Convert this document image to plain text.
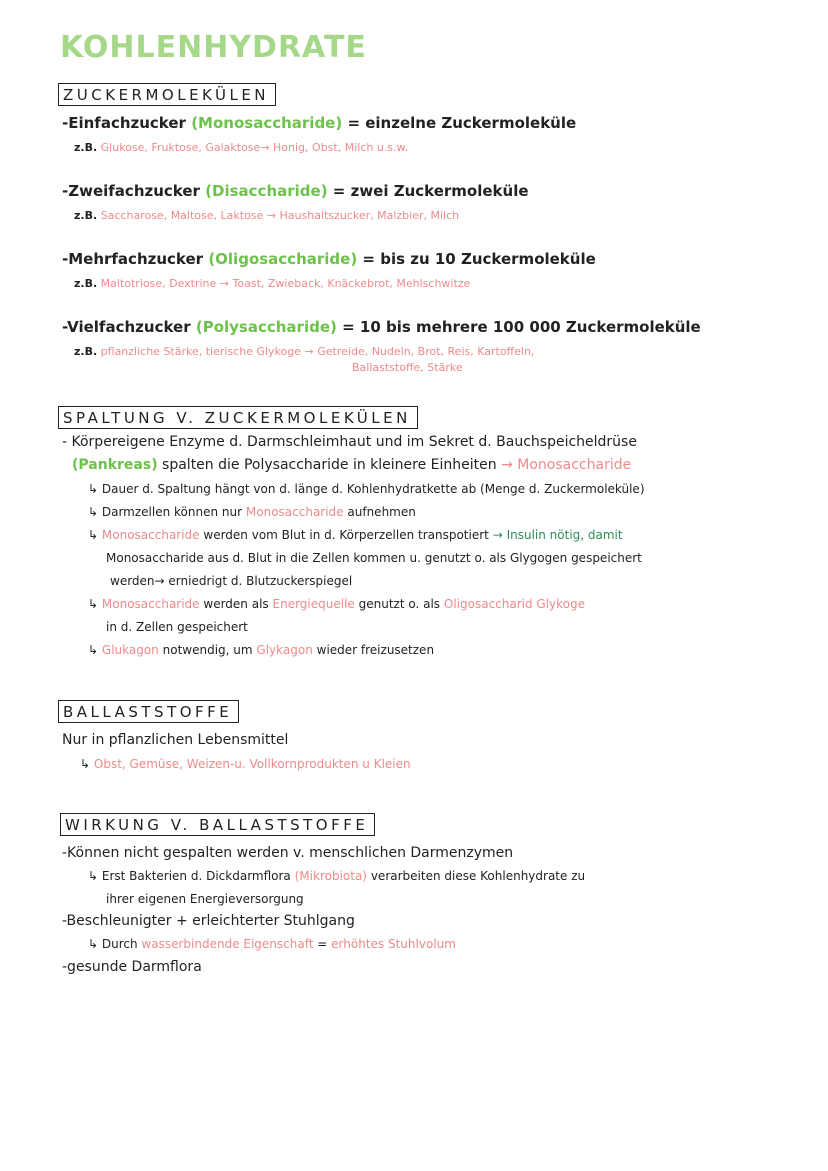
KOHLENHYDRATE
ZUCKERMOLEKÜLEN
-Einfachzucker (Monosaccharide) = einzelne Zuckermoleküle
z.B. Glukose, Fruktose, Galaktose→ Honig, Obst, Milch u.s.w.
-Zweifachzucker (Disaccharide) = zwei Zuckermoleküle
z.B. Saccharose, Maltose, Laktose → Haushaltszucker, Malzbier, Milch
-Mehrfachzucker (Oligosaccharide) = bis zu 10 Zuckermoleküle
z.B. Maltotriose, Dextrine → Toast, Zwieback, Knäckebrot, Mehlschwitze
-Vielfachzucker (Polysaccharide) = 10 bis mehrere 100 000 Zuckermoleküle
z.B. pflanzliche Stärke, tierische Glykoge → Getreide, Nudeln, Brot, Reis, Kartoffeln,
Ballaststoffe, Stärke
SPALTUNG V. ZUCKERMOLEKÜLEN
- Körpereigene Enzyme d. Darmschleimhaut und im Sekret d. Bauchspeicheldrüse
(Pankreas) spalten die Polysaccharide in kleinere Einheiten → Monosaccharide
↳ Dauer d. Spaltung hängt von d. länge d. Kohlenhydratkette ab (Menge d. Zuckermoleküle)
↳ Darmzellen können nur Monosaccharide aufnehmen
↳ Monosaccharide werden vom Blut in d. Körperzellen transpotiert → Insulin nötig, damit
Monosaccharide aus d. Blut in die Zellen kommen u. genutzt o. als Glygogen gespeichert
werden→ erniedrigt d. Blutzuckerspiegel
↳ Monosaccharide werden als Energiequelle genutzt o. als Oligosaccharid Glykoge
in d. Zellen gespeichert
↳ Glukagon notwendig, um Glykagon wieder freizusetzen
BALLASTSTOFFE
Nur in pflanzlichen Lebensmittel
↳ Obst, Gemüse, Weizen-u. Vollkornprodukten u Kleien
WIRKUNG V. BALLASTSTOFFE
-Können nicht gespalten werden v. menschlichen Darmenzymen
↳ Erst Bakterien d. Dickdarmflora (Mikrobiota) verarbeiten diese Kohlenhydrate zu
ihrer eigenen Energieversorgung
-Beschleunigter + erleichterter Stuhlgang
↳ Durch wasserbindende Eigenschaft = erhöhtes Stuhlvolum
-gesunde Darmflora
